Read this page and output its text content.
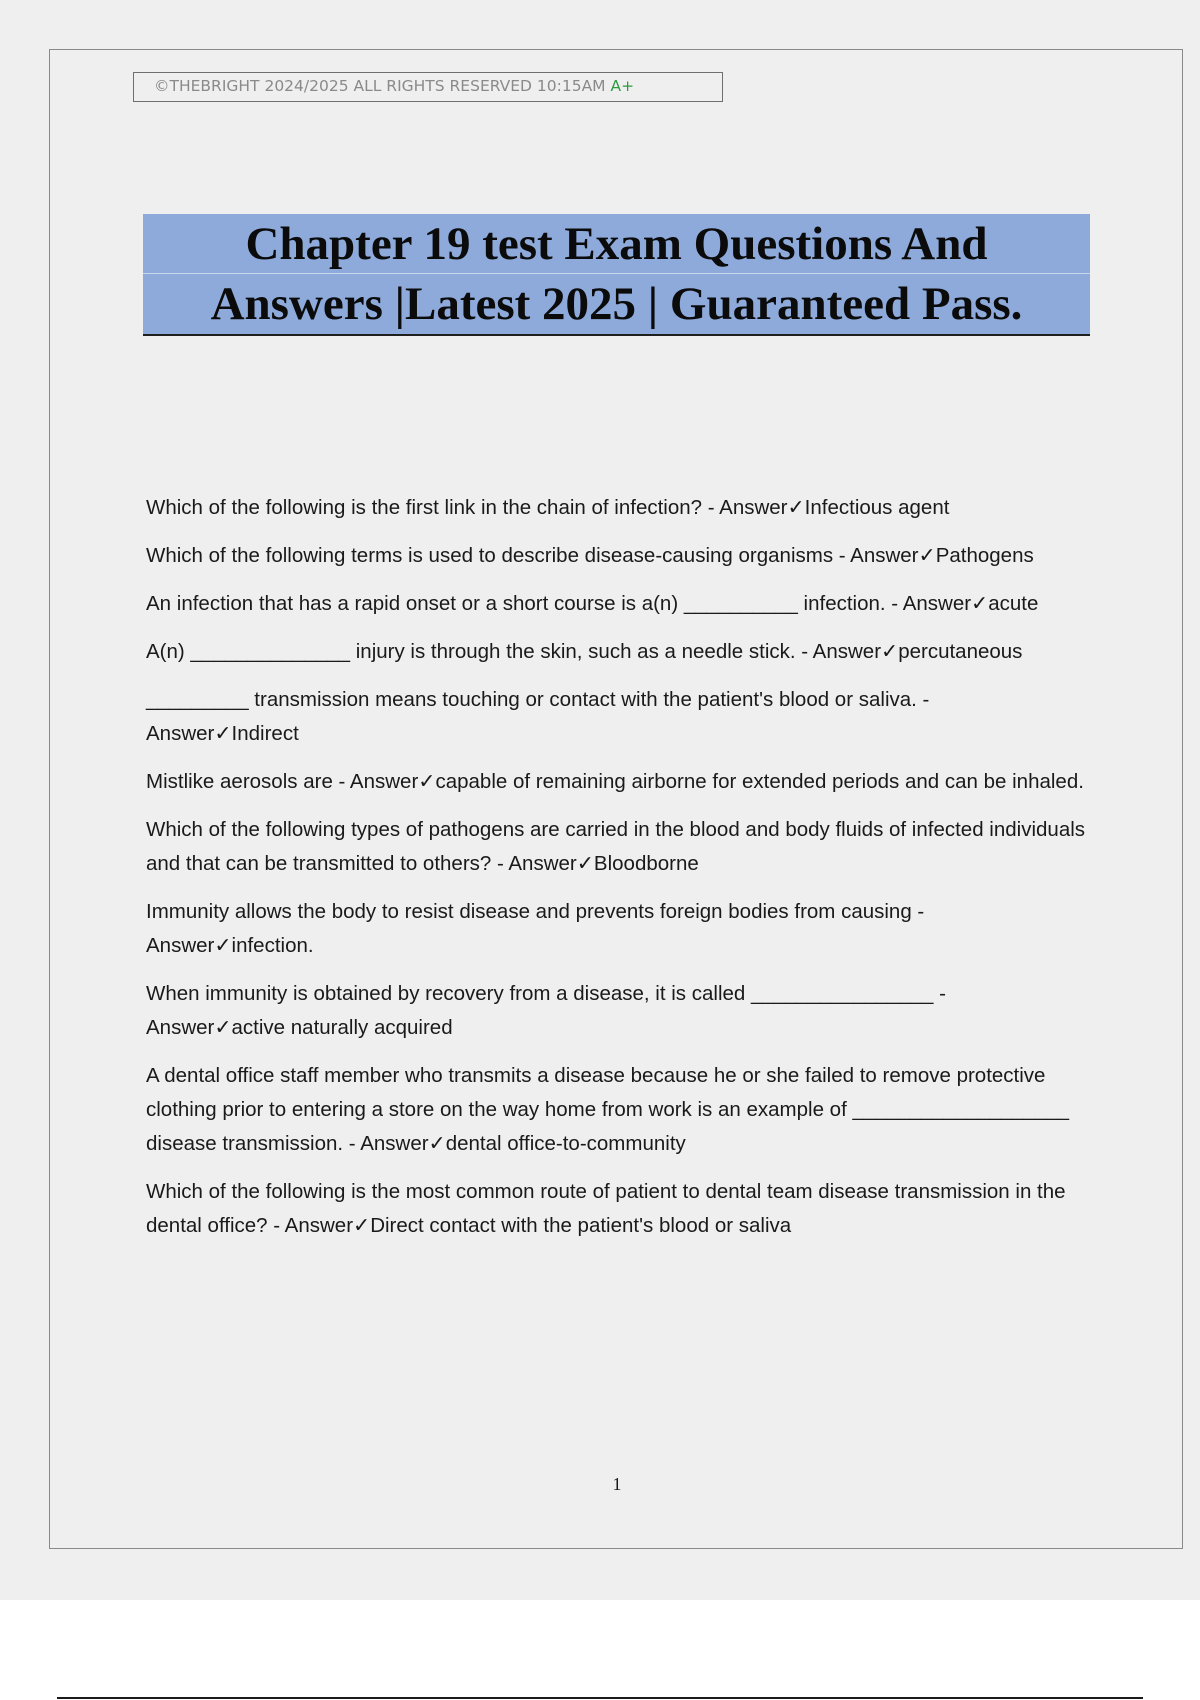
©THEBRIGHT 2024/2025 ALL RIGHTS RESERVED 10:15AM A+
Chapter 19 test Exam Questions And
Answers |Latest 2025 | Guaranteed Pass.
Which of the following is the first link in the chain of infection? - Answer✓Infectious agent
Which of the following terms is used to describe disease-causing organisms - Answer✓Pathogens
An infection that has a rapid onset or a short course is a(n) __________ infection. - Answer✓acute
A(n) ______________ injury is through the skin, such as a needle stick. - Answer✓percutaneous
_________ transmission means touching or contact with the patient's blood or saliva. - Answer✓Indirect
Mistlike aerosols are - Answer✓capable of remaining airborne for extended periods and can be inhaled.
Which of the following types of pathogens are carried in the blood and body fluids of infected individuals and that can be transmitted to others? - Answer✓Bloodborne
Immunity allows the body to resist disease and prevents foreign bodies from causing - Answer✓infection.
When immunity is obtained by recovery from a disease, it is called ________________ - Answer✓active naturally acquired
A dental office staff member who transmits a disease because he or she failed to remove protective clothing prior to entering a store on the way home from work is an example of ___________________ disease transmission. - Answer✓dental office-to-community
Which of the following is the most common route of patient to dental team disease transmission in the dental office? - Answer✓Direct contact with the patient's blood or saliva
1
